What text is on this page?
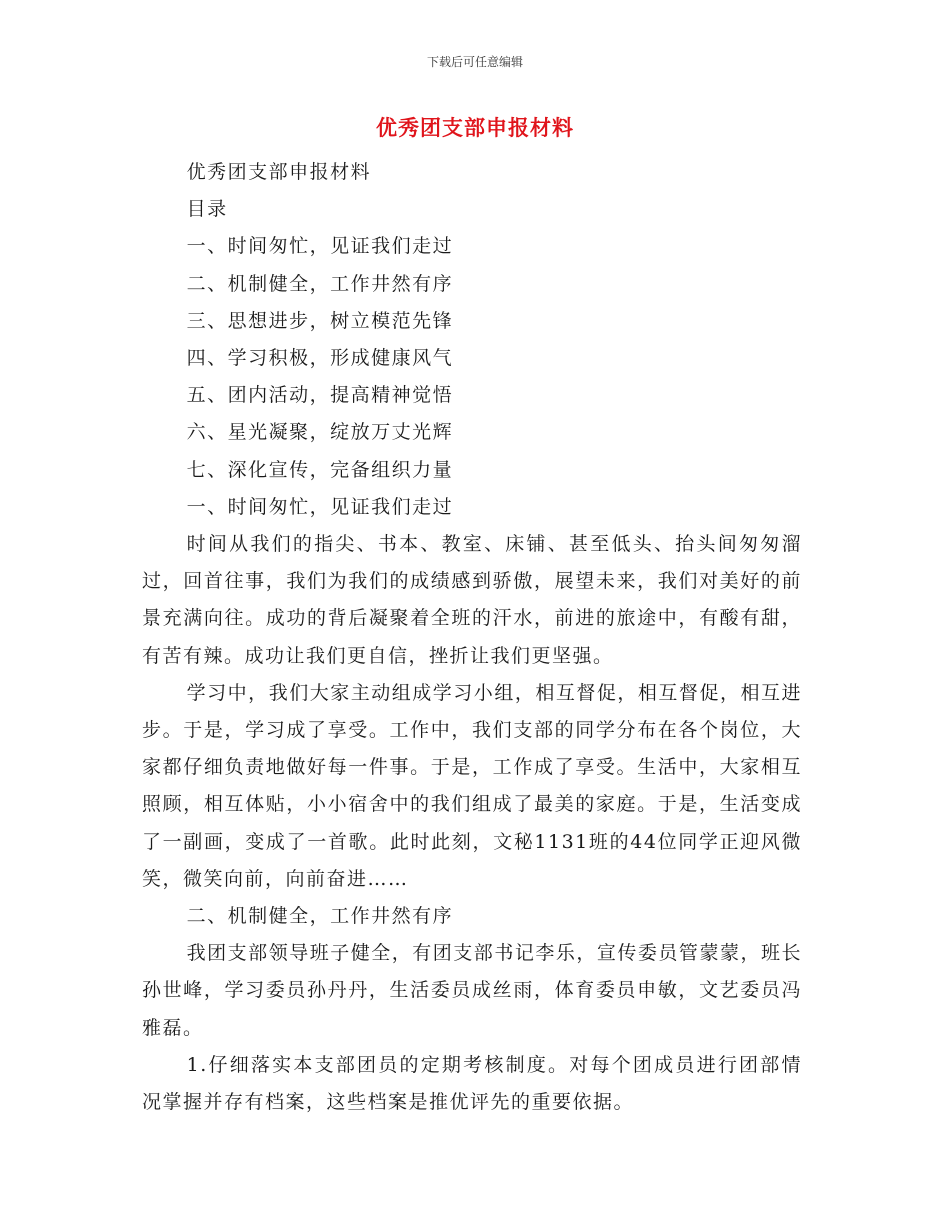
下载后可任意编辑
优秀团支部申报材料

优秀团支部申报材料

目录

一、时间匆忙，见证我们走过

二、机制健全，工作井然有序

三、思想进步，树立模范先锋

四、学习积极，形成健康风气

五、团内活动，提高精神觉悟

六、星光凝聚，绽放万丈光辉

七、深化宣传，完备组织力量

一、时间匆忙，见证我们走过

时间从我们的指尖、书本、教室、床铺、甚至低头、抬头间匆匆溜过，回首往事，我们为我们的成绩感到骄傲，展望未来，我们对美好的前景充满向往。成功的背后凝聚着全班的汗水，前进的旅途中，有酸有甜，有苦有辣。成功让我们更自信，挫折让我们更坚强。

学习中，我们大家主动组成学习小组，相互督促，相互督促，相互进步。于是，学习成了享受。工作中，我们支部的同学分布在各个岗位，大家都仔细负责地做好每一件事。于是，工作成了享受。生活中，大家相互照顾，相互体贴，小小宿舍中的我们组成了最美的家庭。于是，生活变成了一副画，变成了一首歌。此时此刻，文秘1131班的44位同学正迎风微笑，微笑向前，向前奋进……

二、机制健全，工作井然有序

我团支部领导班子健全，有团支部书记李乐，宣传委员管蒙蒙，班长孙世峰，学习委员孙丹丹，生活委员成丝雨，体育委员申敏，文艺委员冯雅磊。

1.仔细落实本支部团员的定期考核制度。对每个团成员进行团部情况掌握并存有档案，这些档案是推优评先的重要依据。
